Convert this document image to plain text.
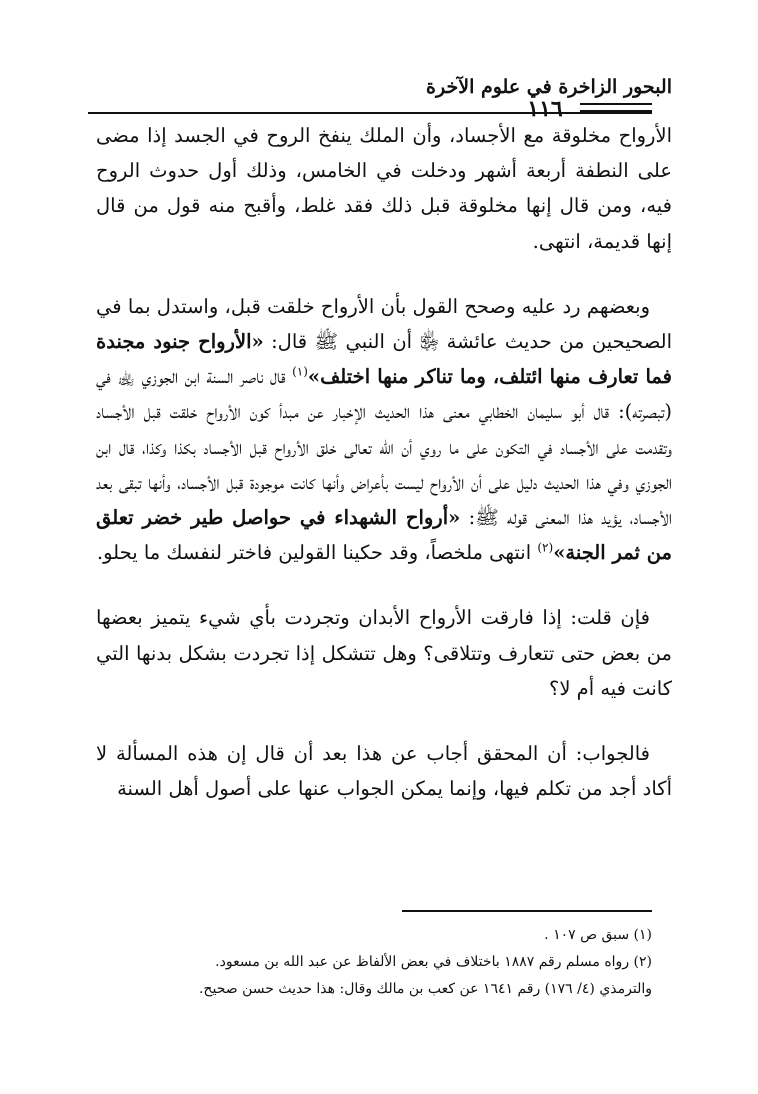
البحور الزاخرة في علوم الآخرة
١١٦

الأرواح مخلوقة مع الأجساد، وأن الملك ينفخ الروح في الجسد إذا مضى على النطفة أربعة أشهر ودخلت في الخامس، وذلك أول حدوث الروح فيه، ومن قال إنها مخلوقة قبل ذلك فقد غلط، وأقبح منه قول من قال إنها قديمة، انتهى.

وبعضهم رد عليه وصحح القول بأن الأرواح خلقت قبل، واستدل بما في الصحيحين من حديث عائشة ﵂ أن النبي ﷺ قال: «الأرواح جنود مجندة فما تعارف منها ائتلف، وما تناكر منها اختلف»$^{(١)}$ قال ناصر السنة ابن الجوزي ﵀ في (تبصرته): قال أبو سليمان الخطابي معنى هذا الحديث الإخبار عن مبدأ كون الأرواح خلقت قبل الأجساد وتقدمت على الأجساد في التكون على ما روي أن الله تعالى خلق الأرواح قبل الأجساد بكذا وكذا، قال ابن الجوزي وفي هذا الحديث دليل على أن الأرواح ليست بأعراض وأنها كانت موجودة قبل الأجساد، وأنها تبقى بعد الأجساد، يؤيد هذا المعنى قوله ﷺ: «أرواح الشهداء في حواصل طير خضر تعلق من ثمر الجنة»$^{(٢)}$ انتهى ملخصاً، وقد حكينا القولين فاختر لنفسك ما يحلو.

فإن قلت: إذا فارقت الأرواح الأبدان وتجردت بأي شيء يتميز بعضها من بعض حتى تتعارف وتتلاقى؟ وهل تتشكل إذا تجردت بشكل بدنها التي كانت فيه أم لا؟

فالجواب: أن المحقق أجاب عن هذا بعد أن قال إن هذه المسألة لا أكاد أجد من تكلم فيها، وإنما يمكن الجواب عنها على أصول أهل السنة

(١) سبق ص ١٠٧ .
(٢) رواه مسلم رقم ١٨٨٧ باختلاف في بعض الألفاظ عن عبد الله بن مسعود.
والترمذي (٤/ ١٧٦) رقم ١٦٤١ عن كعب بن مالك وقال: هذا حديث حسن صحيح.
